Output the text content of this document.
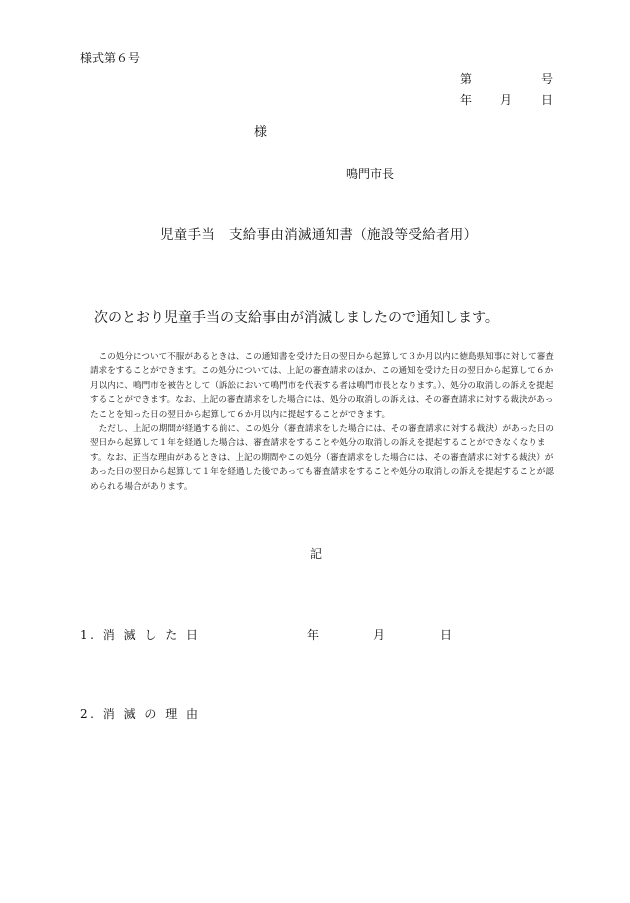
様式第６号
第	号
年 月 日
様
鳴門市長
児童手当　支給事由消滅通知書（施設等受給者用）
次のとおり児童手当の支給事由が消滅しましたので通知します。

この処分について不服があるときは、この通知書を受けた日の翌日から起算して３か月以内に徳島県知事に対して審査請求をすることができます。この処分については、上記の審査請求のほか、この通知を受けた日の翌日から起算して６か月以内に、鳴門市を被告として（訴訟において鳴門市を代表する者は鳴門市長となります。）、処分の取消しの訴えを提起することができます。なお、上記の審査請求をした場合には、処分の取消しの訴えは、その審査請求に対する裁決があったことを知った日の翌日から起算して６か月以内に提起することができます。

ただし、上記の期間が経過する前に、この処分（審査請求をした場合には、その審査請求に対する裁決）があった日の翌日から起算して１年を経過した場合は、審査請求をすることや処分の取消しの訴えを提起することができなくなります。なお、正当な理由があるときは、上記の期間やこの処分（審査請求をした場合には、その審査請求に対する裁決）があった日の翌日から起算して１年を経過した後であっても審査請求をすることや処分の取消しの訴えを提起することが認められる場合があります。

記
1. 消 滅 し た 日	年	月	日
2. 消 滅 の 理 由
